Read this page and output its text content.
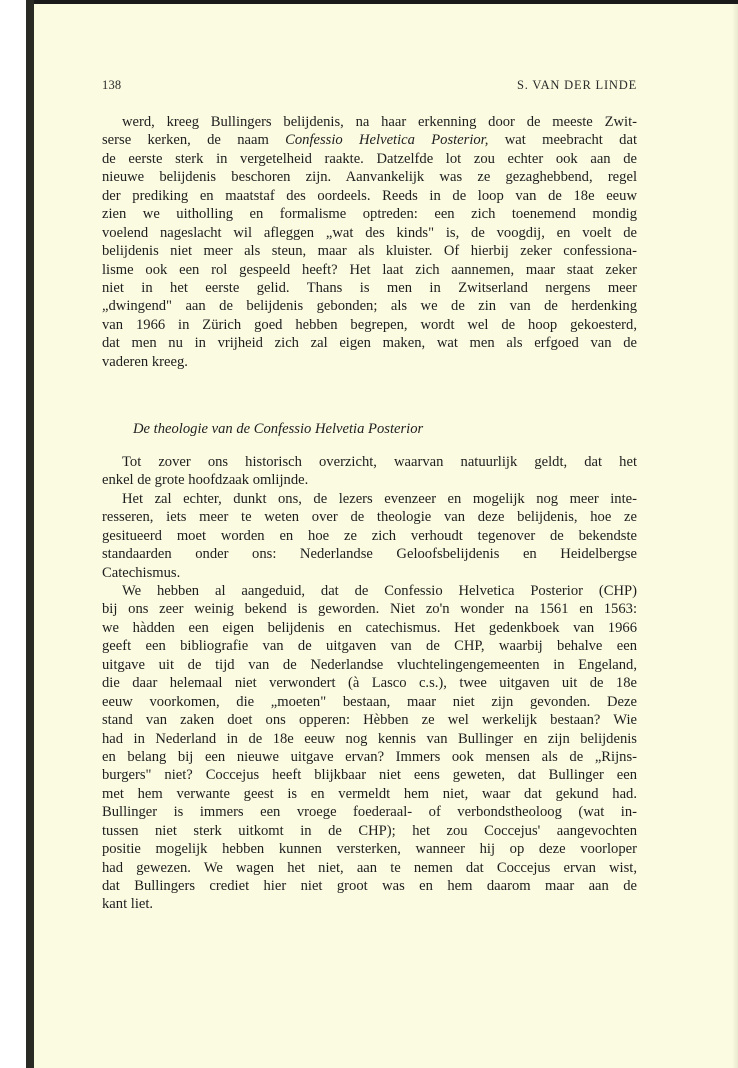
138	S. VAN DER LINDE
werd, kreeg Bullingers belijdenis, na haar erkenning door de meeste Zwit-
serse kerken, de naam Confessio Helvetica Posterior, wat meebracht dat
de eerste sterk in vergetelheid raakte. Datzelfde lot zou echter ook aan de
nieuwe belijdenis beschoren zijn. Aanvankelijk was ze gezaghebbend, regel
der prediking en maatstaf des oordeels. Reeds in de loop van de 18e eeuw
zien we uitholling en formalisme optreden: een zich toenemend mondig
voelend nageslacht wil afleggen „wat des kinds" is, de voogdij, en voelt de
belijdenis niet meer als steun, maar als kluister. Of hierbij zeker confessiona-
lisme ook een rol gespeeld heeft? Het laat zich aannemen, maar staat zeker
niet in het eerste gelid. Thans is men in Zwitserland nergens meer
„dwingend" aan de belijdenis gebonden; als we de zin van de herdenking
van 1966 in Zürich goed hebben begrepen, wordt wel de hoop gekoesterd,
dat men nu in vrijheid zich zal eigen maken, wat men als erfgoed van de
vaderen kreeg.
De theologie van de Confessio Helvetia Posterior
Tot zover ons historisch overzicht, waarvan natuurlijk geldt, dat het
enkel de grote hoofdzaak omlijnde.
Het zal echter, dunkt ons, de lezers evenzeer en mogelijk nog meer inte-
resseren, iets meer te weten over de theologie van deze belijdenis, hoe ze
gesitueerd moet worden en hoe ze zich verhoudt tegenover de bekendste
standaarden onder ons: Nederlandse Geloofsbelijdenis en Heidelbergse
Catechismus.
We hebben al aangeduid, dat de Confessio Helvetica Posterior (CHP)
bij ons zeer weinig bekend is geworden. Niet zo'n wonder na 1561 en 1563:
we hàdden een eigen belijdenis en catechismus. Het gedenkboek van 1966
geeft een bibliografie van de uitgaven van de CHP, waarbij behalve een
uitgave uit de tijd van de Nederlandse vluchtelingengemeenten in Engeland,
die daar helemaal niet verwondert (à Lasco c.s.), twee uitgaven uit de 18e
eeuw voorkomen, die „moeten" bestaan, maar niet zijn gevonden. Deze
stand van zaken doet ons opperen: Hèbben ze wel werkelijk bestaan? Wie
had in Nederland in de 18e eeuw nog kennis van Bullinger en zijn belijdenis
en belang bij een nieuwe uitgave ervan? Immers ook mensen als de „Rijns-
burgers" niet? Coccejus heeft blijkbaar niet eens geweten, dat Bullinger een
met hem verwante geest is en vermeldt hem niet, waar dat gekund had.
Bullinger is immers een vroege foederaal- of verbondstheoloog (wat in-
tussen niet sterk uitkomt in de CHP); het zou Coccejus' aangevochten
positie mogelijk hebben kunnen versterken, wanneer hij op deze voorloper
had gewezen. We wagen het niet, aan te nemen dat Coccejus ervan wist,
dat Bullingers crediet hier niet groot was en hem daarom maar aan de
kant liet.
